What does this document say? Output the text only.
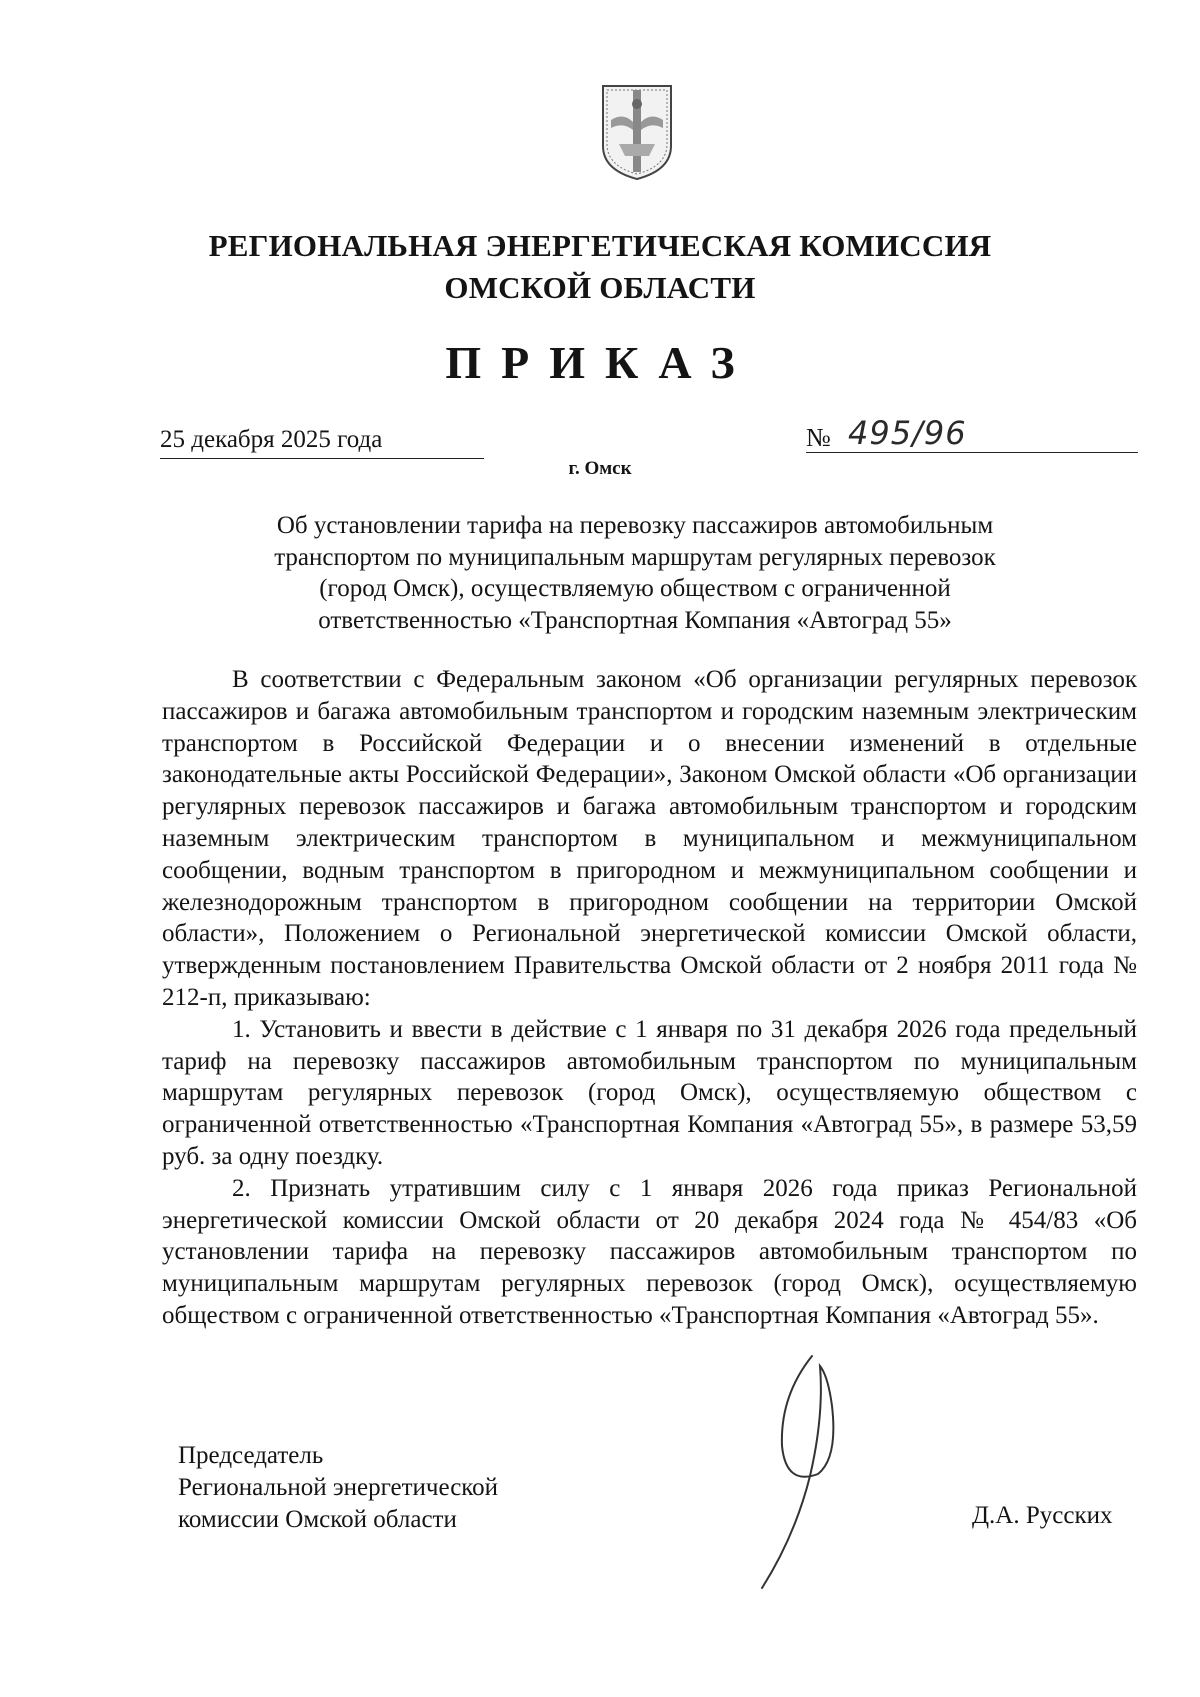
РЕГИОНАЛЬНАЯ ЭНЕРГЕТИЧЕСКАЯ КОМИССИЯ
ОМСКОЙ ОБЛАСТИ
ПРИКАЗ
25 декабря 2025 года	№ 495/96
г. Омск
Об установлении тарифа на перевозку пассажиров автомобильным
транспортом по муниципальным маршрутам регулярных перевозок
(город Омск), осуществляемую обществом с ограниченной
ответственностью «Транспортная Компания «Автоград 55»

В соответствии с Федеральным законом «Об организации регулярных перевозок пассажиров и багажа автомобильным транспортом и городским наземным электрическим транспортом в Российской Федерации и о внесении изменений в отдельные законодательные акты Российской Федерации», Законом Омской области «Об организации регулярных перевозок пассажиров и багажа автомобильным транспортом и городским наземным электрическим транспортом в муниципальном и межмуниципальном сообщении, водным транспортом в пригородном и межмуниципальном сообщении и железнодорожным транспортом в пригородном сообщении на территории Омской области», Положением о Региональной энергетической комиссии Омской области, утвержденным постановлением Правительства Омской области от 2 ноября 2011 года № 212-п, приказываю:

1. Установить и ввести в действие с 1 января по 31 декабря 2026 года предельный тариф на перевозку пассажиров автомобильным транспортом по муниципальным маршрутам регулярных перевозок (город Омск), осуществляемую обществом с ограниченной ответственностью «Транспортная Компания «Автоград 55», в размере 53,59 руб. за одну поездку.

2. Признать утратившим силу с 1 января 2026 года приказ Региональной энергетической комиссии Омской области от 20 декабря 2024 года № 454/83 «Об установлении тарифа на перевозку пассажиров автомобильным транспортом по муниципальным маршрутам регулярных перевозок (город Омск), осуществляемую обществом с ограниченной ответственностью «Транспортная Компания «Автоград 55».

Председатель
Региональной энергетической
комиссии Омской области	Д.А. Русских
